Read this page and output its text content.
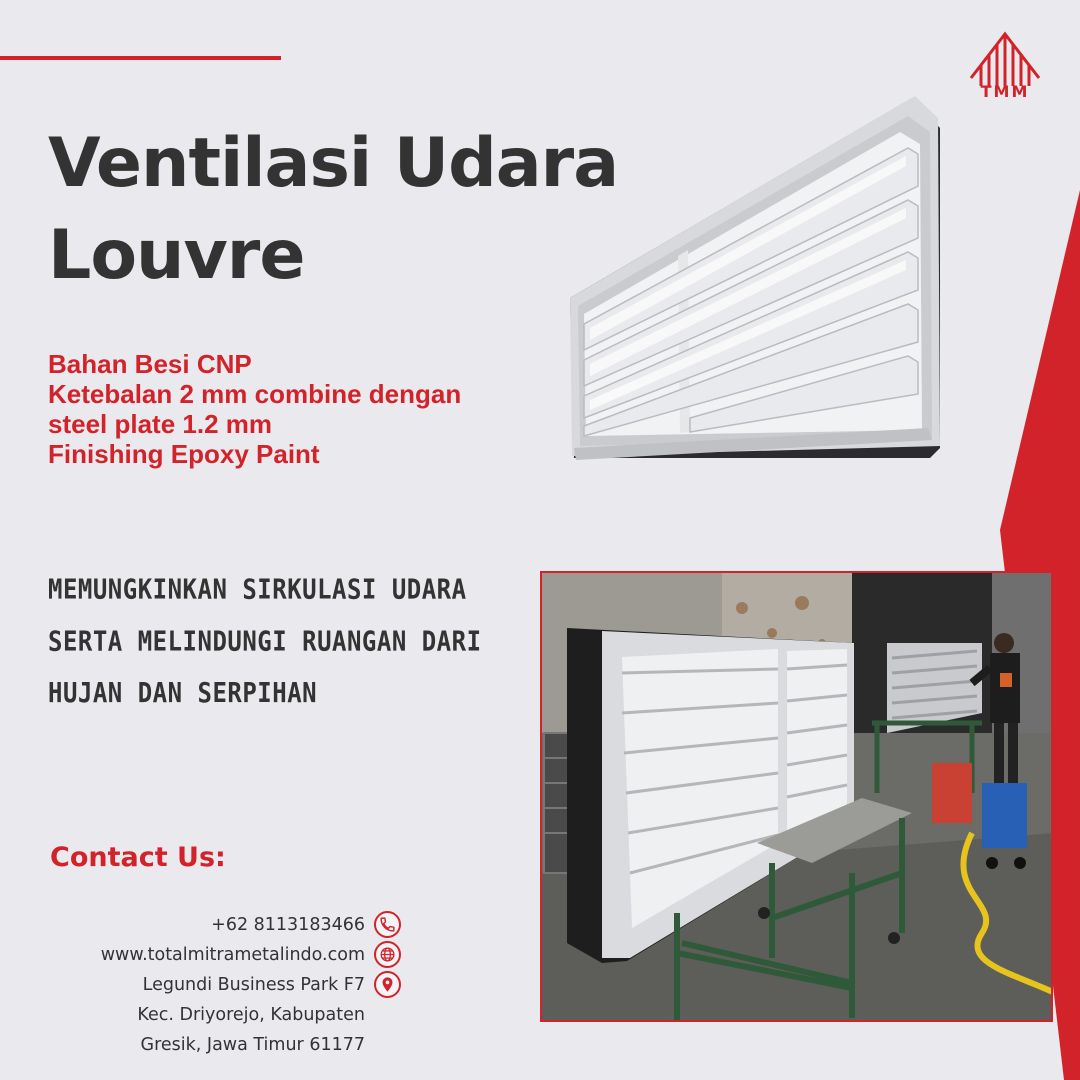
TMM
Ventilasi Udara
Louvre
Bahan Besi CNP
Ketebalan 2 mm combine dengan
steel plate 1.2 mm
Finishing Epoxy Paint
MEMUNGKINKAN SIRKULASI UDARA
SERTA MELINDUNGI RUANGAN DARI
HUJAN DAN SERPIHAN
Contact Us:
+62 8113183466
www.totalmitrametalindo.com
Legundi Business Park F7
Kec. Driyorejo, Kabupaten
Gresik, Jawa Timur 61177
